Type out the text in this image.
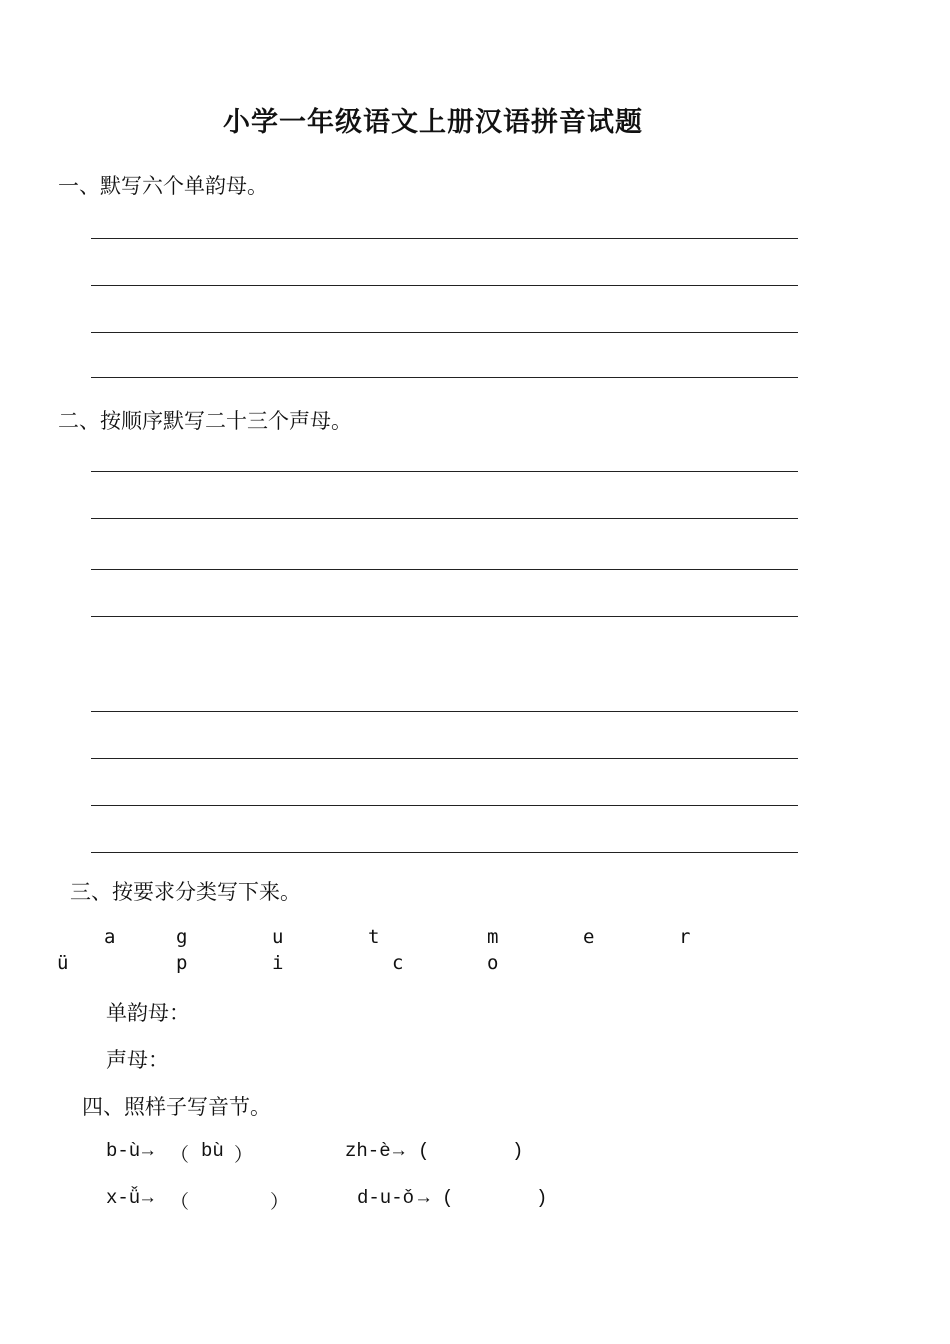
小学一年级语文上册汉语拼音试题
一、默写六个单韵母。
二、按顺序默写二十三个声母。
三、按要求分类写下来。
a	g	u	t	m	e	r
ü	p	i	c	o
单韵母：
声母：
四、照样子写音节。
b-ù → （ bù ）	zh-è → (	)
x-ǚ → （	）	d-u-ǒ → (	)
